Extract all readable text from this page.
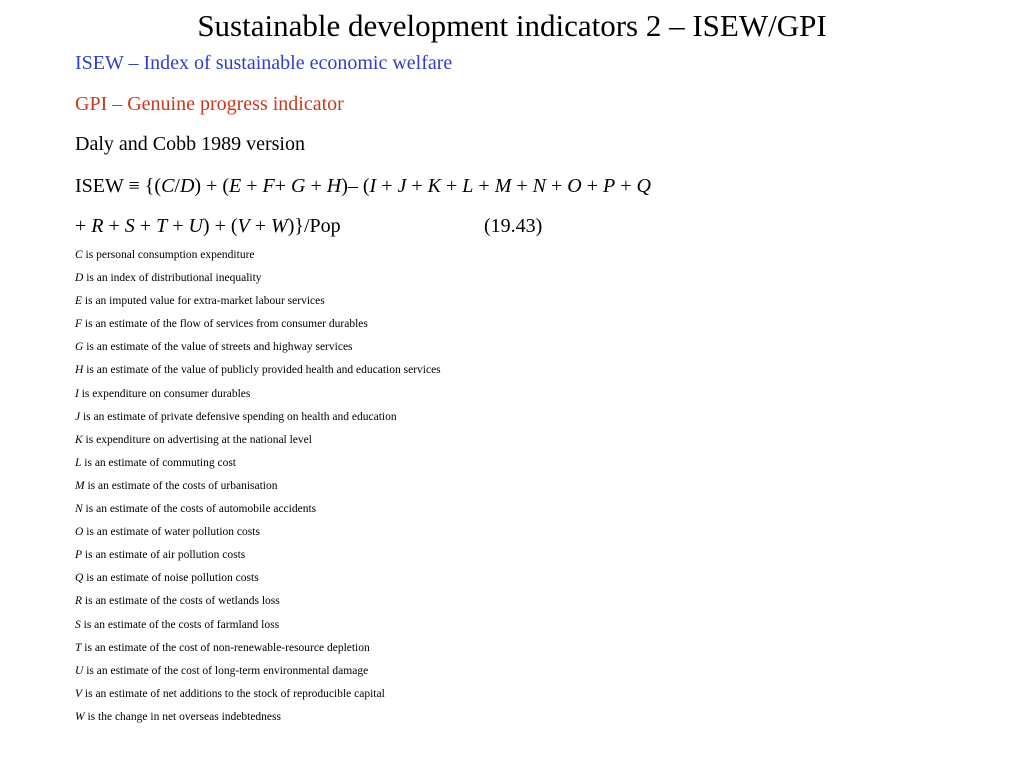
Sustainable development indicators 2 – ISEW/GPI
ISEW – Index of sustainable economic welfare
GPI – Genuine progress indicator
Daly and Cobb 1989 version
ISEW ≡ {(C/D) + (E + F+ G + H)– (I + J + K + L + M + N + O + P + Q
+ R + S + T + U) + (V + W)}/Pop	(19.43)
C is personal consumption expenditure
D is an index of distributional inequality
E is an imputed value for extra-market labour services
F is an estimate of the flow of services from consumer durables
G is an estimate of the value of streets and highway services
H is an estimate of the value of publicly provided health and education services
I is expenditure on consumer durables
J is an estimate of private defensive spending on health and education
K is expenditure on advertising at the national level
L is an estimate of commuting cost
M is an estimate of the costs of urbanisation
N is an estimate of the costs of automobile accidents
O is an estimate of water pollution costs
P is an estimate of air pollution costs
Q is an estimate of noise pollution costs
R is an estimate of the costs of wetlands loss
S is an estimate of the costs of farmland loss
T is an estimate of the cost of non-renewable-resource depletion
U is an estimate of the cost of long-term environmental damage
V is an estimate of net additions to the stock of reproducible capital
W is the change in net overseas indebtedness
